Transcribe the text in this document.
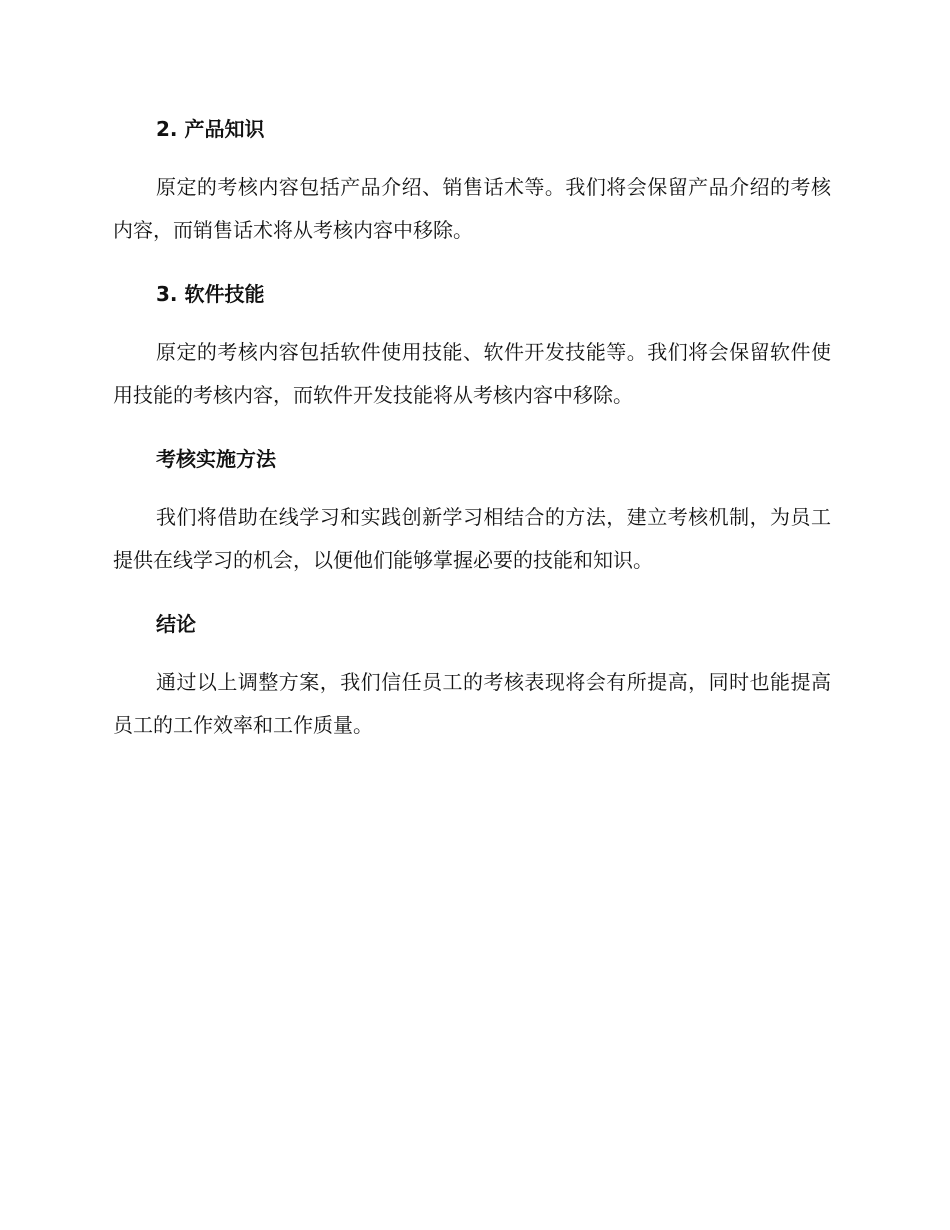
2. 产品知识

原定的考核内容包括产品介绍、销售话术等。我们将会保留产品介绍的考核内容，而销售话术将从考核内容中移除。

3. 软件技能

原定的考核内容包括软件使用技能、软件开发技能等。我们将会保留软件使用技能的考核内容，而软件开发技能将从考核内容中移除。

考核实施方法

我们将借助在线学习和实践创新学习相结合的方法，建立考核机制，为员工提供在线学习的机会，以便他们能够掌握必要的技能和知识。

结论

通过以上调整方案，我们信任员工的考核表现将会有所提高，同时也能提高员工的工作效率和工作质量。
